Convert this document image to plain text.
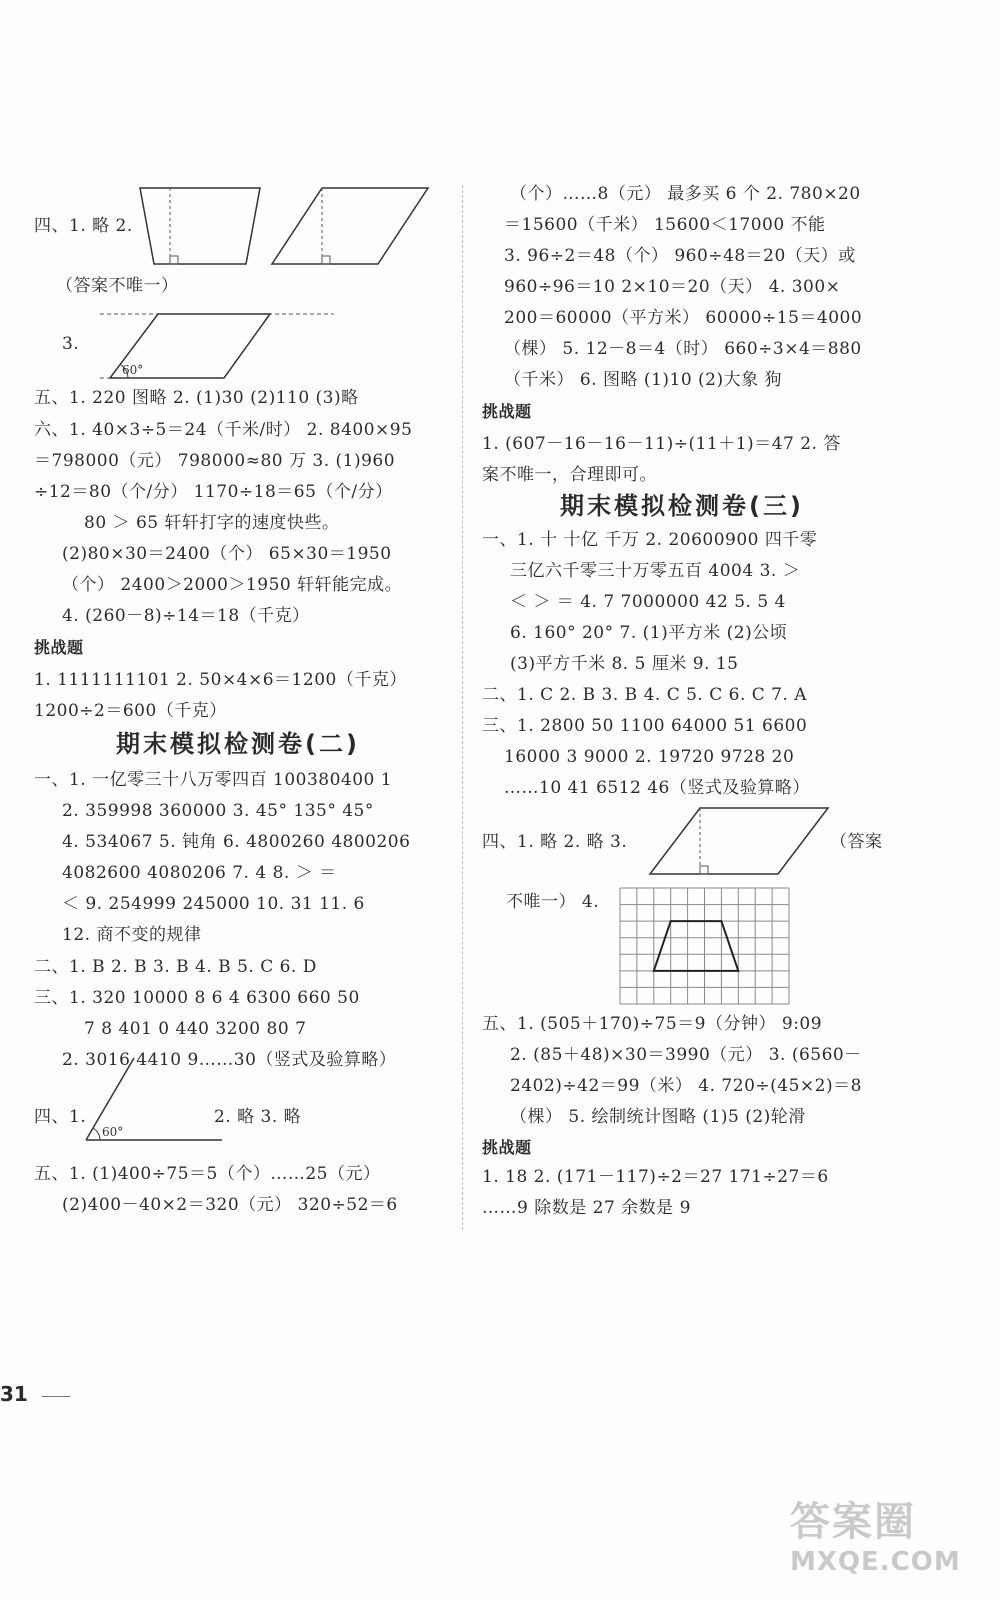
四、1. 略 2.
（答案不唯一）
3.
60°
五、1. 220 图略 2. (1)30 (2)110 (3)略
六、1. 40×3÷5＝24（千米/时） 2. 8400×95
＝798000（元） 798000≈80 万 3. (1)960
÷12＝80（个/分） 1170÷18＝65（个/分）
80 ＞ 65 轩轩打字的速度快些。
(2)80×30＝2400（个） 65×30＝1950
（个） 2400＞2000＞1950 轩轩能完成。
4. (260－8)÷14＝18（千克）
挑战题
1. 1111111101 2. 50×4×6＝1200（千克）
1200÷2＝600（千克）
期末模拟检测卷(二)
一、1. 一亿零三十八万零四百 100380400 1
2. 359998 360000 3. 45° 135° 45°
4. 534067 5. 钝角 6. 4800260 4800206
4082600 4080206 7. 4 8. ＞ ＝
＜ 9. 254999 245000 10. 31 11. 6
12. 商不变的规律
二、1. B 2. B 3. B 4. B 5. C 6. D
三、1. 320 10000 8 6 4 6300 660 50
7 8 401 0 440 3200 80 7
2. 3016 4410 9……30（竖式及验算略）
四、1.
60°
2. 略 3. 略
五、1. (1)400÷75＝5（个）……25（元）
(2)400－40×2＝320（元） 320÷52＝6
（个）……8（元） 最多买 6 个 2. 780×20
＝15600（千米） 15600＜17000 不能
3. 96÷2＝48（个） 960÷48＝20（天）或
960÷96＝10 2×10＝20（天） 4. 300×
200＝60000（平方米） 60000÷15＝4000
（棵） 5. 12－8＝4（时） 660÷3×4＝880
（千米） 6. 图略 (1)10 (2)大象 狗
挑战题
1. (607－16－16－11)÷(11＋1)＝47 2. 答
案不唯一，合理即可。
期末模拟检测卷(三)
一、1. 十 十亿 千万 2. 20600900 四千零
三亿六千零三十万零五百 4004 3. ＞
＜ ＞ ＝ 4. 7 7000000 42 5. 5 4
6. 160° 20° 7. (1)平方米 (2)公顷
(3)平方千米 8. 5 厘米 9. 15
二、1. C 2. B 3. B 4. C 5. C 6. C 7. A
三、1. 2800 50 1100 64000 51 6600
16000 3 9000 2. 19720 9728 20
……10 41 6512 46（竖式及验算略）
四、1. 略 2. 略 3.	（答案
不唯一） 4.
五、1. (505＋170)÷75＝9（分钟） 9:09
2. (85＋48)×30＝3990（元） 3. (6560－
2402)÷42＝99（米） 4. 720÷(45×2)＝8
（棵） 5. 绘制统计图略 (1)5 (2)轮滑
挑战题
1. 18 2. (171－117)÷2＝27 171÷27＝6
……9 除数是 27 余数是 9
31
答案圈
MXQE.COM
